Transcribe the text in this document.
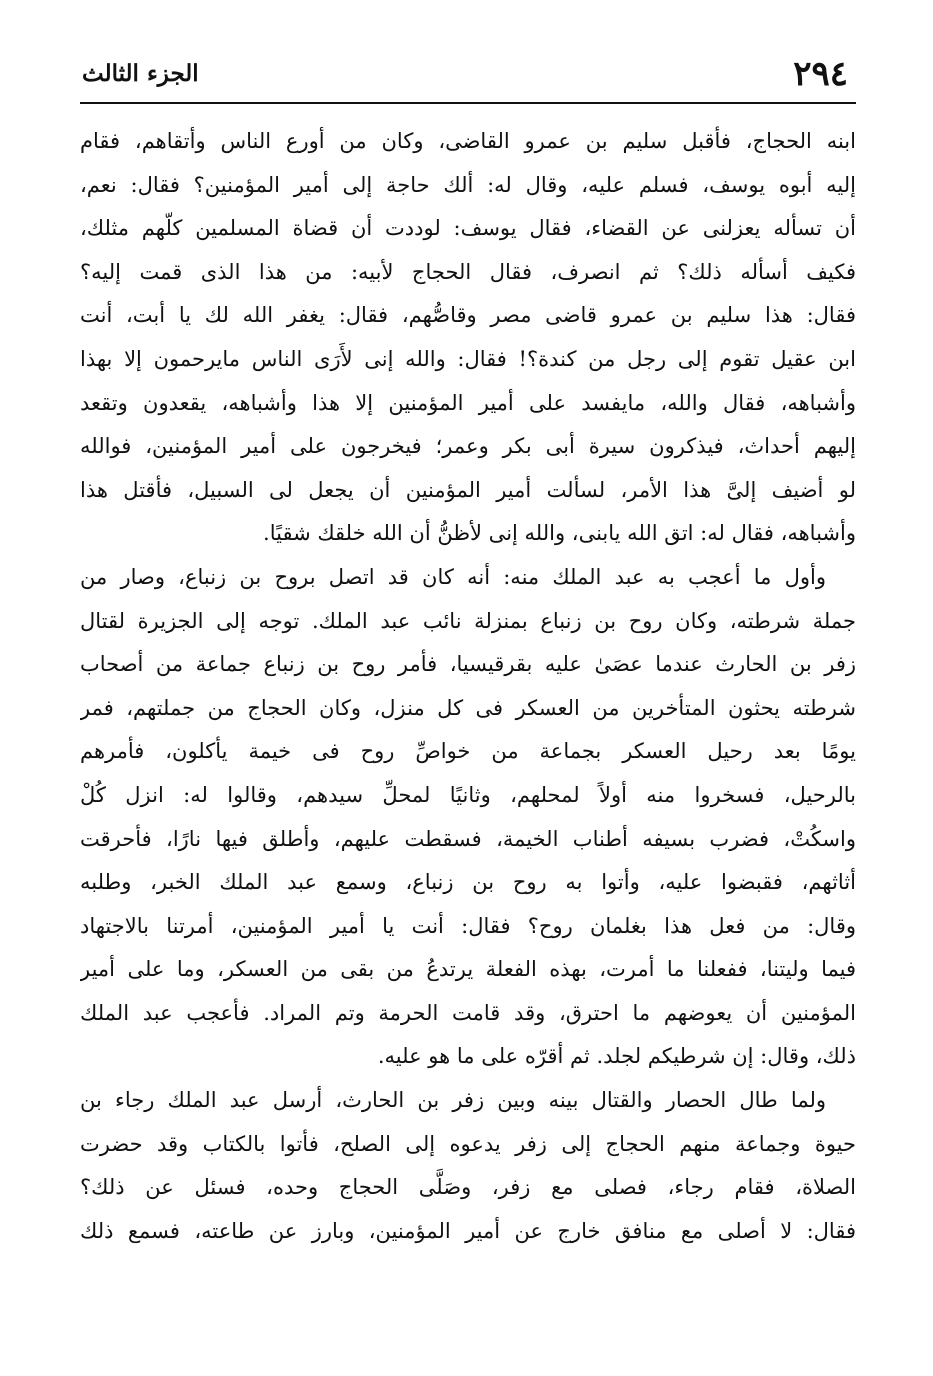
٢٩٤
الجزء الثالث
ابنه الحجاج، فأقبل سليم بن عمرو القاضى، وكان من أورع الناس وأتقاهم، فقام
إليه أبوه يوسف، فسلم عليه، وقال له: ألك حاجة إلى أمير المؤمنين؟ فقال: نعم،
أن تسأله يعزلنى عن القضاء، فقال يوسف: لوددت أن قضاة المسلمين كلّهم مثلك،
فكيف أسأله ذلك؟ ثم انصرف، فقال الحجاج لأبيه: من هذا الذى قمت إليه؟
فقال: هذا سليم بن عمرو قاضى مصر وقاصُّهم، فقال: يغفر الله لك يا أبت، أنت
ابن عقيل تقوم إلى رجل من كندة؟! فقال: والله إنى لأَرَى الناس مايرحمون إلا بهذا
وأشباهه، فقال والله، مايفسد على أمير المؤمنين إلا هذا وأشباهه، يقعدون وتقعد
إليهم أحداث، فيذكرون سيرة أبى بكر وعمر؛ فيخرجون على أمير المؤمنين، فوالله
لو أضيف إلىَّ هذا الأمر، لسألت أمير المؤمنين أن يجعل لى السبيل، فأقتل هذا
وأشباهه، فقال له: اتق الله يابنى، والله إنى لأظنُّ أن الله خلقك شقيًا.
وأول ما أعجب به عبد الملك منه: أنه كان قد اتصل بروح بن زنباع، وصار من
جملة شرطته، وكان روح بن زنباع بمنزلة نائب عبد الملك. توجه إلى الجزيرة لقتال
زفر بن الحارث عندما عصَىٰ عليه بقرقيسيا، فأمر روح بن زنباع جماعة من أصحاب
شرطته يحثون المتأخرين من العسكر فى كل منزل، وكان الحجاج من جملتهم، فمر
يومًا بعد رحيل العسكر بجماعة من خواصِّ روح فى خيمة يأكلون، فأمرهم
بالرحيل، فسخروا منه أولاً لمحلهم، وثانيًا لمحلِّ سيدهم، وقالوا له: انزل كُلْ
واسكُتْ، فضرب بسيفه أطناب الخيمة، فسقطت عليهم، وأطلق فيها نارًا، فأحرقت
أثاثهم، فقبضوا عليه، وأتوا به روح بن زنباع، وسمع عبد الملك الخبر، وطلبه
وقال: من فعل هذا بغلمان روح؟ فقال: أنت يا أمير المؤمنين، أمرتنا بالاجتهاد
فيما وليتنا، ففعلنا ما أمرت، بهذه الفعلة يرتدعُ من بقى من العسكر، وما على أمير
المؤمنين أن يعوضهم ما احترق، وقد قامت الحرمة وتم المراد. فأعجب عبد الملك
ذلك، وقال: إن شرطيكم لجلد. ثم أقرّه على ما هو عليه.
ولما طال الحصار والقتال بينه وبين زفر بن الحارث، أرسل عبد الملك رجاء بن
حيوة وجماعة منهم الحجاج إلى زفر يدعوه إلى الصلح، فأتوا بالكتاب وقد حضرت
الصلاة، فقام رجاء، فصلى مع زفر، وصَلَّى الحجاج وحده، فسئل عن ذلك؟
فقال: لا أصلى مع منافق خارج عن أمير المؤمنين، وبارز عن طاعته، فسمع ذلك
